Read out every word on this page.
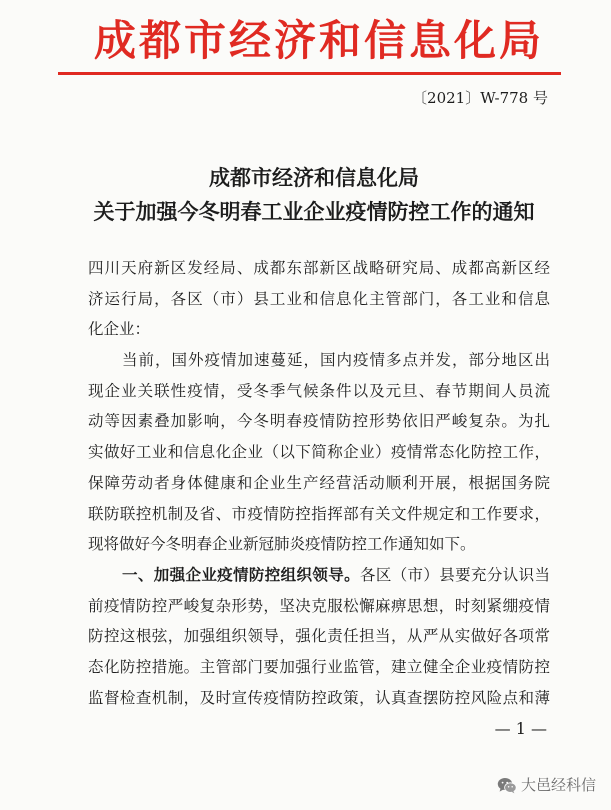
成都市经济和信息化局
〔2021〕W-778 号
成都市经济和信息化局
关于加强今冬明春工业企业疫情防控工作的通知
四川天府新区发经局、成都东部新区战略研究局、成都高新区经
济运行局，各区（市）县工业和信息化主管部门，各工业和信息
化企业：
当前，国外疫情加速蔓延，国内疫情多点并发，部分地区出
现企业关联性疫情，受冬季气候条件以及元旦、春节期间人员流
动等因素叠加影响，今冬明春疫情防控形势依旧严峻复杂。为扎
实做好工业和信息化企业（以下简称企业）疫情常态化防控工作，
保障劳动者身体健康和企业生产经营活动顺利开展，根据国务院
联防联控机制及省、市疫情防控指挥部有关文件规定和工作要求，
现将做好今冬明春企业新冠肺炎疫情防控工作通知如下。
一、加强企业疫情防控组织领导。各区（市）县要充分认识当
前疫情防控严峻复杂形势，坚决克服松懈麻痹思想，时刻紧绷疫情
防控这根弦，加强组织领导，强化责任担当，从严从实做好各项常
态化防控措施。主管部门要加强行业监管，建立健全企业疫情防控
监督检查机制，及时宣传疫情防控政策，认真查摆防控风险点和薄
— 1 —
大邑经科信
